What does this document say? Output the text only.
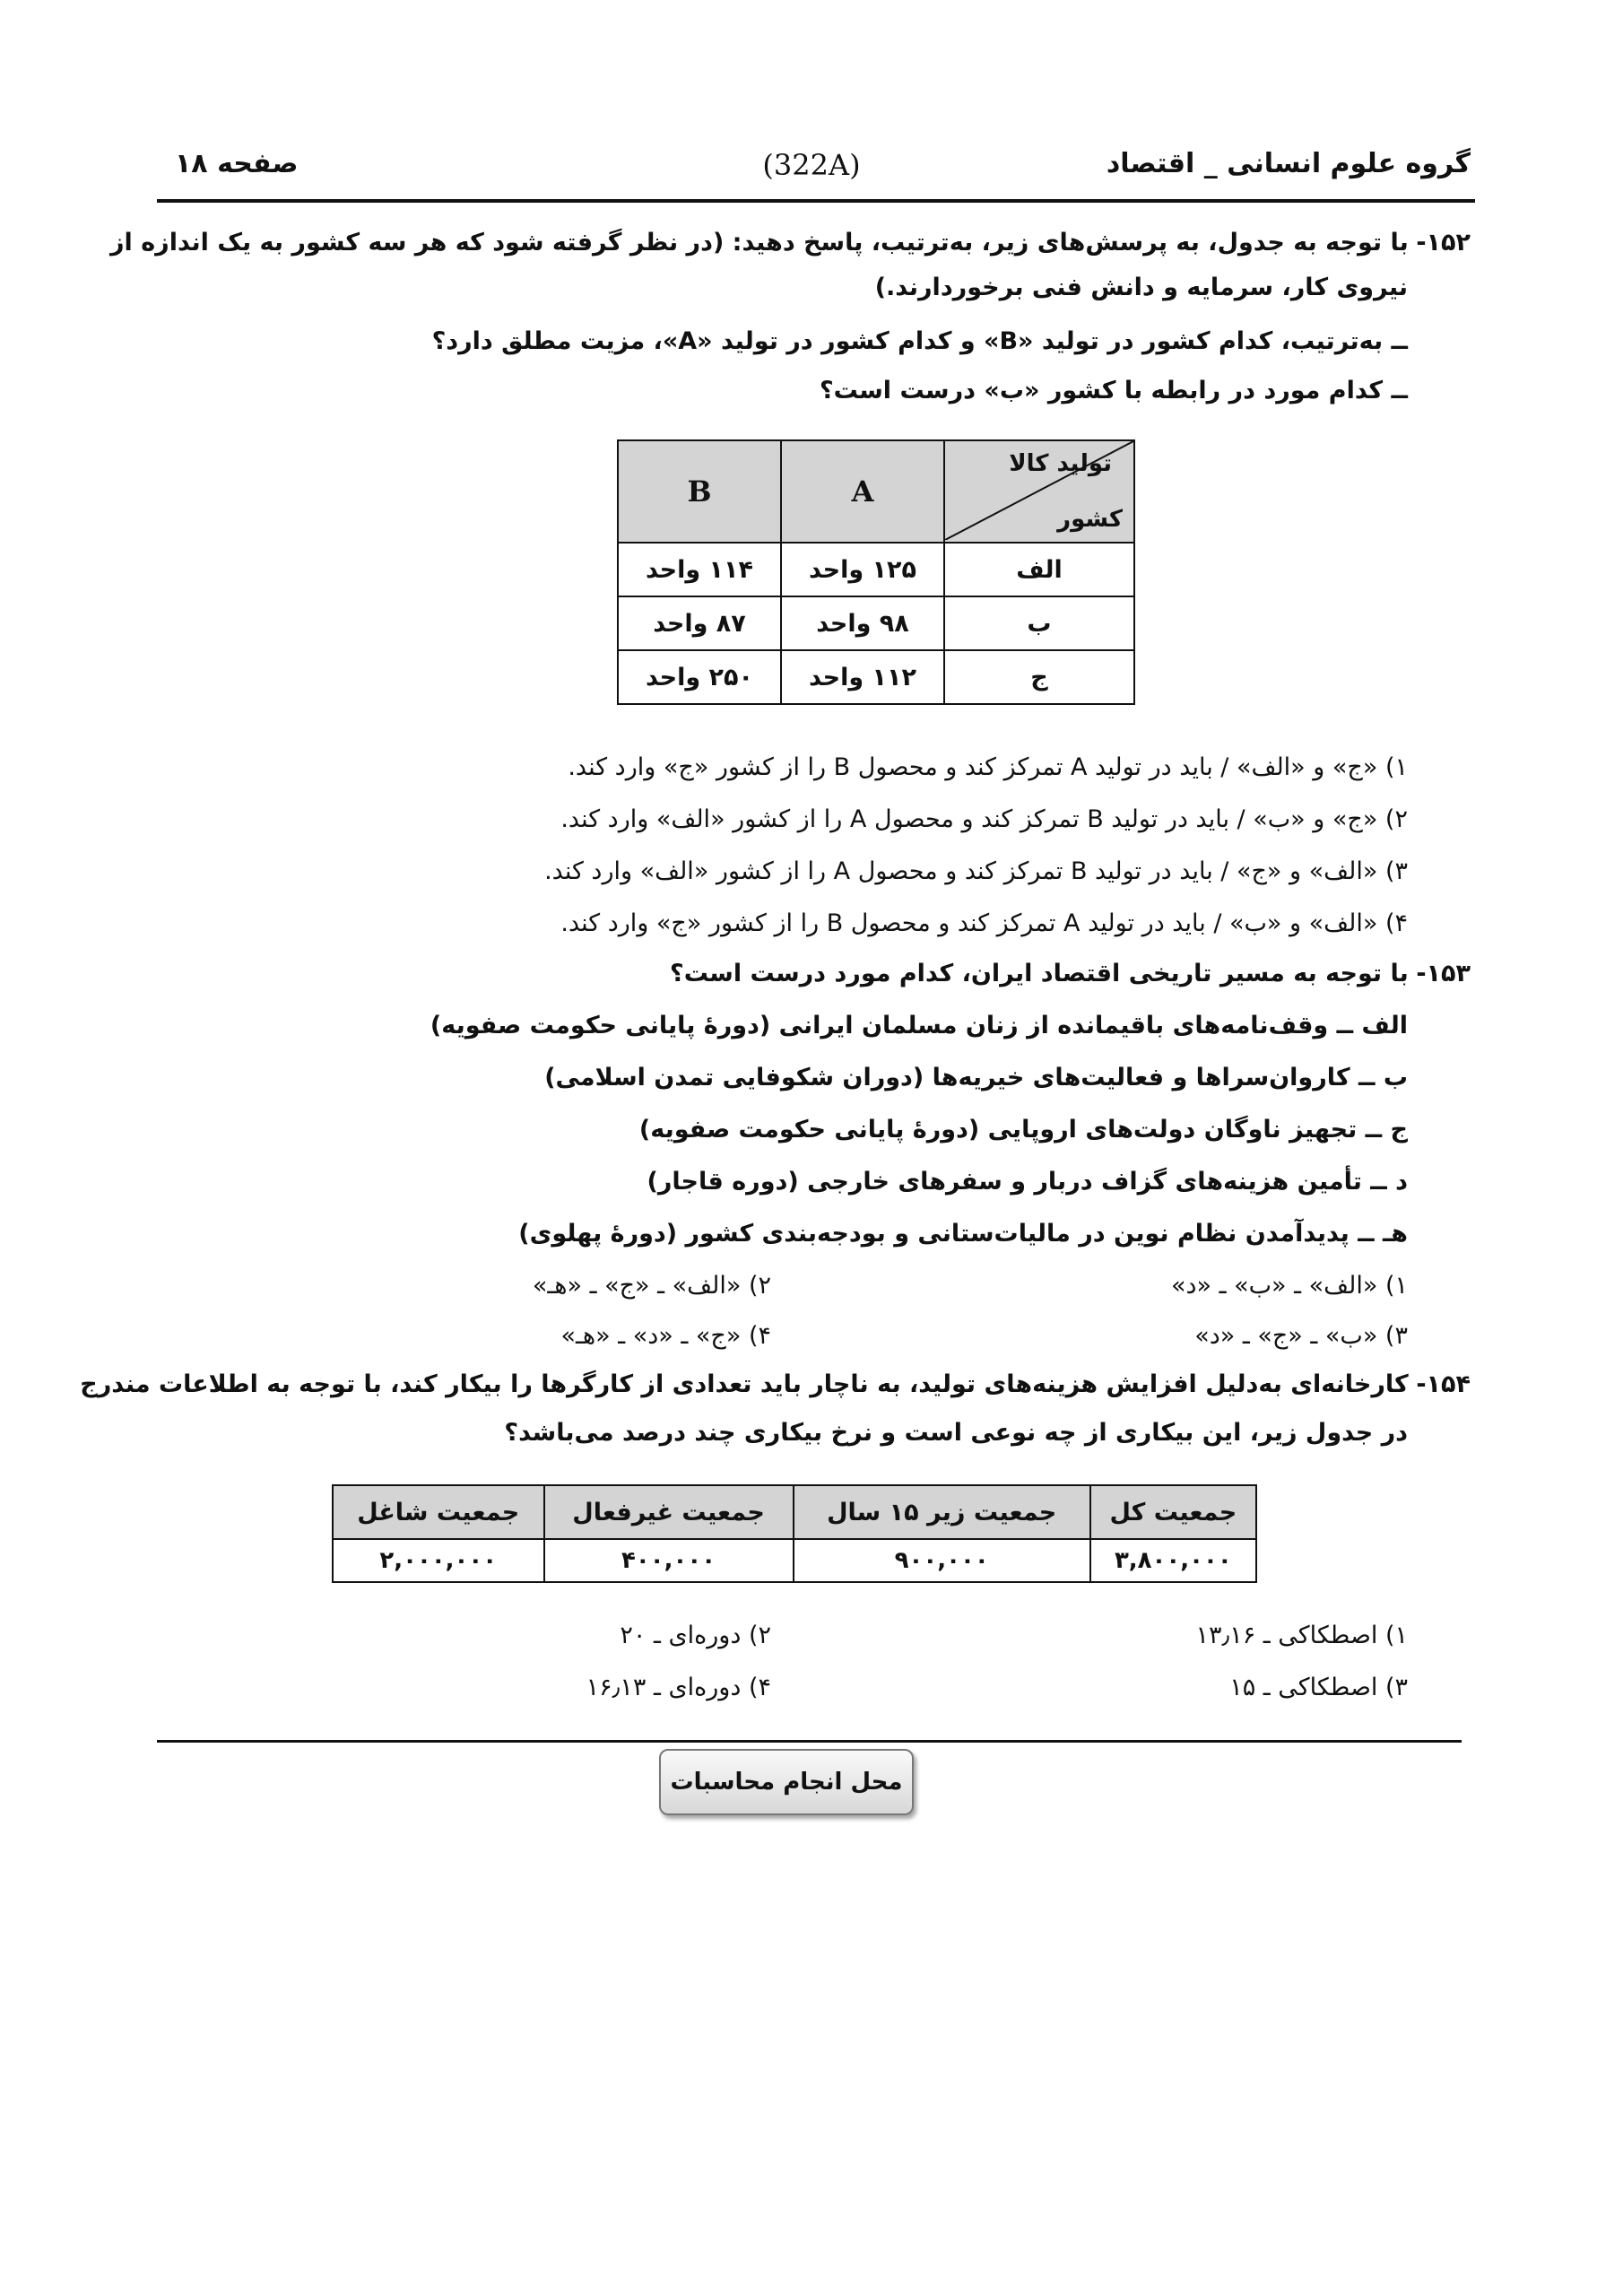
گروه علوم انسانی _ اقتصاد
(322A)
صفحه ۱۸
۱۵۲- با توجه به جدول، به پرسش‌های زیر، به‌ترتیب، پاسخ دهید: (در نظر گرفته شود که هر سه کشور به یک اندازه از
نیروی کار، سرمایه و دانش فنی برخوردارند.)
ــ به‌ترتیب، کدام کشور در تولید «B» و کدام کشور در تولید «A»، مزیت مطلق دارد؟
ــ کدام مورد در رابطه با کشور «ب» درست است؟
تولید کالا
کشور	A	B
الف	۱۲۵ واحد	۱۱۴ واحد
ب	۹۸ واحد	۸۷ واحد
ج	۱۱۲ واحد	۲۵۰ واحد
۱) «ج» و «الف» / باید در تولید A تمرکز کند و محصول B را از کشور «ج» وارد کند.
۲) «ج» و «ب» / باید در تولید B تمرکز کند و محصول A را از کشور «الف» وارد کند.
۳) «الف» و «ج» / باید در تولید B تمرکز کند و محصول A را از کشور «الف» وارد کند.
۴) «الف» و «ب» / باید در تولید A تمرکز کند و محصول B را از کشور «ج» وارد کند.
۱۵۳- با توجه به مسیر تاریخی اقتصاد ایران، کدام مورد درست است؟
الف ــ وقف‌نامه‌های باقیمانده از زنان مسلمان ایرانی (دورهٔ پایانی حکومت صفویه)
ب ــ کاروان‌سراها و فعالیت‌های خیریه‌ها (دوران شکوفایی تمدن اسلامی)
ج ــ تجهیز ناوگان دولت‌های اروپایی (دورهٔ پایانی حکومت صفویه)
د ــ تأمین هزینه‌های گزاف دربار و سفرهای خارجی (دوره قاجار)
هـ ــ پدیدآمدن نظام نوین در مالیات‌ستانی و بودجه‌بندی کشور (دورهٔ پهلوی)
۱) «الف» ـ «ب» ـ «د»
۲) «الف» ـ «ج» ـ «هـ»
۳) «ب» ـ «ج» ـ «د»
۴) «ج» ـ «د» ـ «هـ»
۱۵۴- کارخانه‌ای به‌دلیل افزایش هزینه‌های تولید، به ناچار باید تعدادی از کارگرها را بیکار کند، با توجه به اطلاعات مندرج
در جدول زیر، این بیکاری از چه نوعی است و نرخ بیکاری چند درصد می‌باشد؟
جمعیت کل	جمعیت زیر ۱۵ سال	جمعیت غیرفعال	جمعیت شاغل
۳,۸۰۰,۰۰۰	۹۰۰,۰۰۰	۴۰۰,۰۰۰	۲,۰۰۰,۰۰۰
۱) اصطکاکی ـ ۱۳٫۱۶
۲) دوره‌ای ـ ۲۰
۳) اصطکاکی ـ ۱۵
۴) دوره‌ای ـ ۱۶٫۱۳
محل انجام محاسبات
